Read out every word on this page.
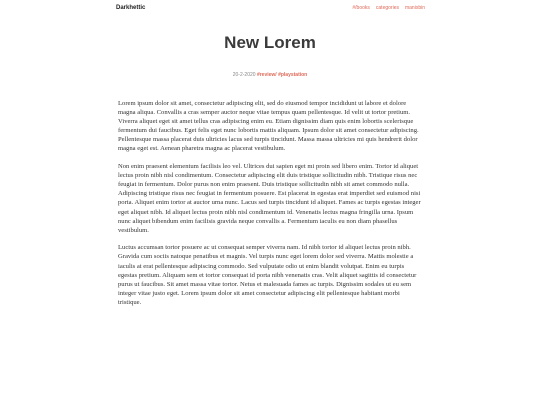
Darkhettic	#/books categories manixbin
New Lorem
20-2-2020 #review/ #playstation

Lorem ipsum dolor sit amet, consectetur adipiscing elit, sed do eiusmod tempor incididunt ut labore et dolore magna aliqua. Convallis a cras semper auctor neque vitae tempus quam pellentesque. Id velit ut tortor pretium. Viverra aliquet eget sit amet tellus cras adipiscing enim eu. Etiam dignissim diam quis enim lobortis scelerisque fermentum dui faucibus. Eget felis eget nunc lobortis mattis aliquam. Ipsum dolor sit amet consectetur adipiscing. Pellentesque massa placerat duis ultricies lacus sed turpis tincidunt. Massa massa ultricies mi quis hendrerit dolor magna eget est. Aenean pharetra magna ac placerat vestibulum.

Non enim praesent elementum facilisis leo vel. Ultrices dui sapien eget mi proin sed libero enim. Tortor id aliquet lectus proin nibh nisl condimentum. Consectetur adipiscing elit duis tristique sollicitudin nibh. Tristique risus nec feugiat in fermentum. Dolor purus non enim praesent. Duis tristique sollicitudin nibh sit amet commodo nulla. Adipiscing tristique risus nec feugiat in fermentum posuere. Est placerat in egestas erat imperdiet sed euismod nisi porta. Aliquet enim tortor at auctor urna nunc. Lacus sed turpis tincidunt id aliquet. Fames ac turpis egestas integer eget aliquet nibh. Id aliquet lectus proin nibh nisl condimentum id. Venenatis lectus magna fringilla urna. Ipsum nunc aliquet bibendum enim facilisis gravida neque convallis a. Fermentum iaculis eu non diam phasellus vestibulum.

Luctus accumsan tortor posuere ac ut consequat semper viverra nam. Id nibh tortor id aliquet lectus proin nibh. Gravida cum sociis natoque penatibus et magnis. Vel turpis nunc eget lorem dolor sed viverra. Mattis molestie a iaculis at erat pellentesque adipiscing commodo. Sed vulputate odio ut enim blandit volutpat. Enim eu turpis egestas pretium. Aliquam sem et tortor consequat id porta nibh venenatis cras. Velit aliquet sagittis id consectetur purus ut faucibus. Sit amet massa vitae tortor. Netus et malesuada fames ac turpis. Dignissim sodales ut eu sem integer vitae justo eget. Lorem ipsum dolor sit amet consectetur adipiscing elit pellentesque habitant morbi tristique.
